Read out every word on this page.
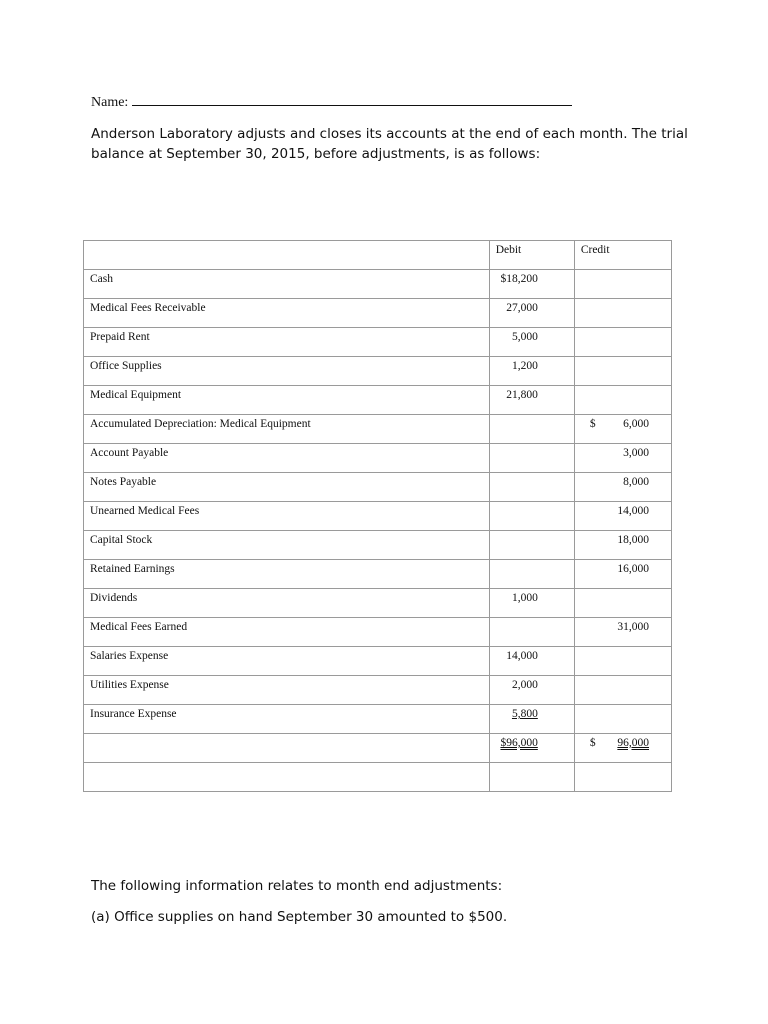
Name:
Anderson Laboratory adjusts and closes its accounts at the end of each month. The trial balance at September 30, 2015, before adjustments, is as follows:

	Debit	Credit

Cash	$18,200	

Medical Fees Receivable	27,000	

Prepaid Rent	5,000	

Office Supplies	1,200	

Medical Equipment	21,800	

Accumulated Depreciation: Medical Equipment		$ 6,000

Account Payable		3,000

Notes Payable		8,000

Unearned Medical Fees		14,000

Capital Stock		18,000

Retained Earnings		16,000

Dividends	1,000	

Medical Fees Earned		31,000

Salaries Expense	14,000	

Utilities Expense	2,000	

Insurance Expense	5,800	

	$96,000	$ 96,000

The following information relates to month end adjustments:

(a) Office supplies on hand September 30 amounted to $500.
